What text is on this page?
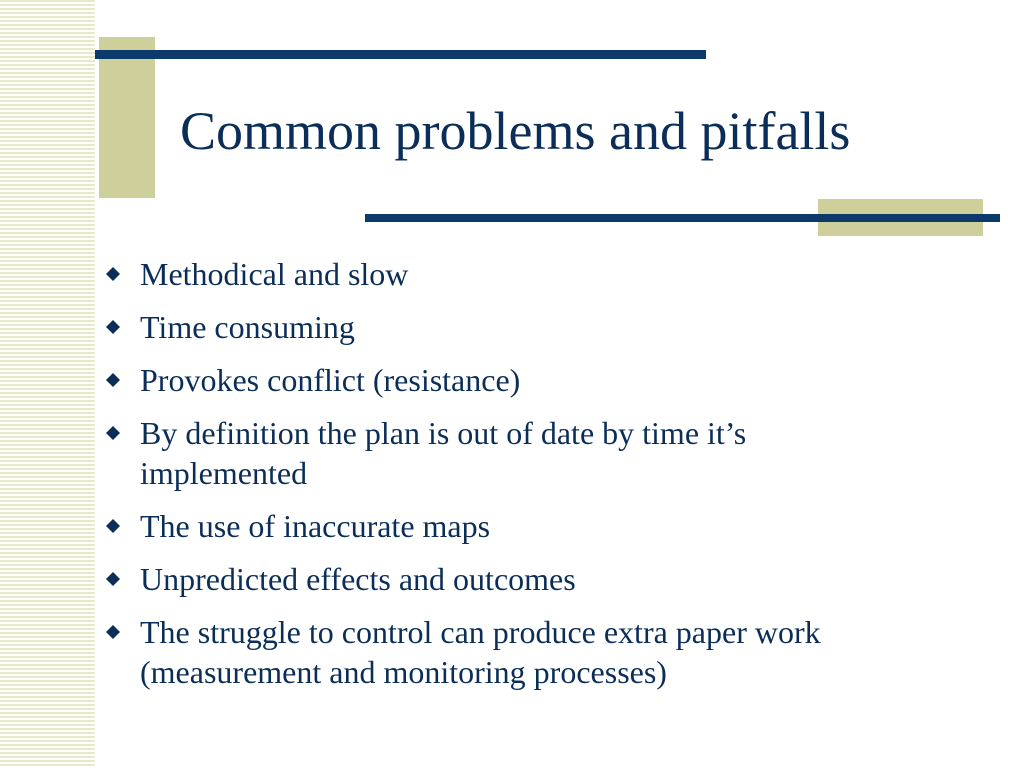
Common problems and pitfalls
Methodical and slow
Time consuming
Provokes conflict (resistance)
By definition the plan is out of date by time it’s implemented
The use of inaccurate maps
Unpredicted effects and outcomes
The struggle to control can produce extra paper work (measurement and monitoring processes)
